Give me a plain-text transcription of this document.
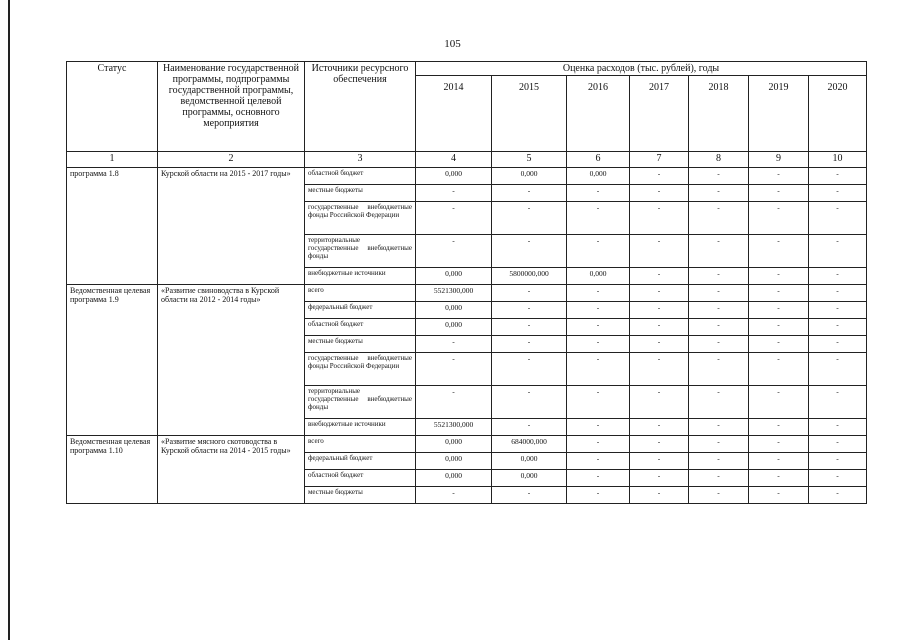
105
Статус	Наименование государственной программы, подпрограммы государственной программы, ведомственной целевой программы, основного мероприятия	Источники ресурсного обеспечения	Оценка расходов (тыс. рублей), годы						
			2014	2015	2016	2017	2018	2019	2020
1	2	3	4	5	6	7	8	9	10
программа 1.8	Курской области на 2015 - 2017 годы»	областной бюджет	0,000	0,000	0,000	-	-	-	-
		местные бюджеты	-	-	-	-	-	-	-
		государственные внебюджетные фонды Российской Федерации	-	-	-	-	-	-	-
		территориальные государственные внебюджетные фонды	-	-	-	-	-	-	-
		внебюджетные источники	0,000	5800000,000	0,000	-	-	-	-
Ведомственная целевая программа 1.9	«Развитие свиноводства в Курской области на 2012 - 2014 годы»	всего	5521300,000	-	-	-	-	-	-
		федеральный бюджет	0,000	-	-	-	-	-	-
		областной бюджет	0,000	-	-	-	-	-	-
		местные бюджеты	-	-	-	-	-	-	-
		государственные внебюджетные фонды Российской Федерации	-	-	-	-	-	-	-
		территориальные государственные внебюджетные фонды	-	-	-	-	-	-	-
		внебюджетные источники	5521300,000	-	-	-	-	-	-
Ведомственная целевая программа 1.10	«Развитие мясного скотоводства в Курской области на 2014 - 2015 годы»	всего	0,000	684000,000	-	-	-	-	-
		федеральный бюджет	0,000	0,000	-	-	-	-	-
		областной бюджет	0,000	0,000	-	-	-	-	-
		местные бюджеты	-	-	-	-	-	-	-
